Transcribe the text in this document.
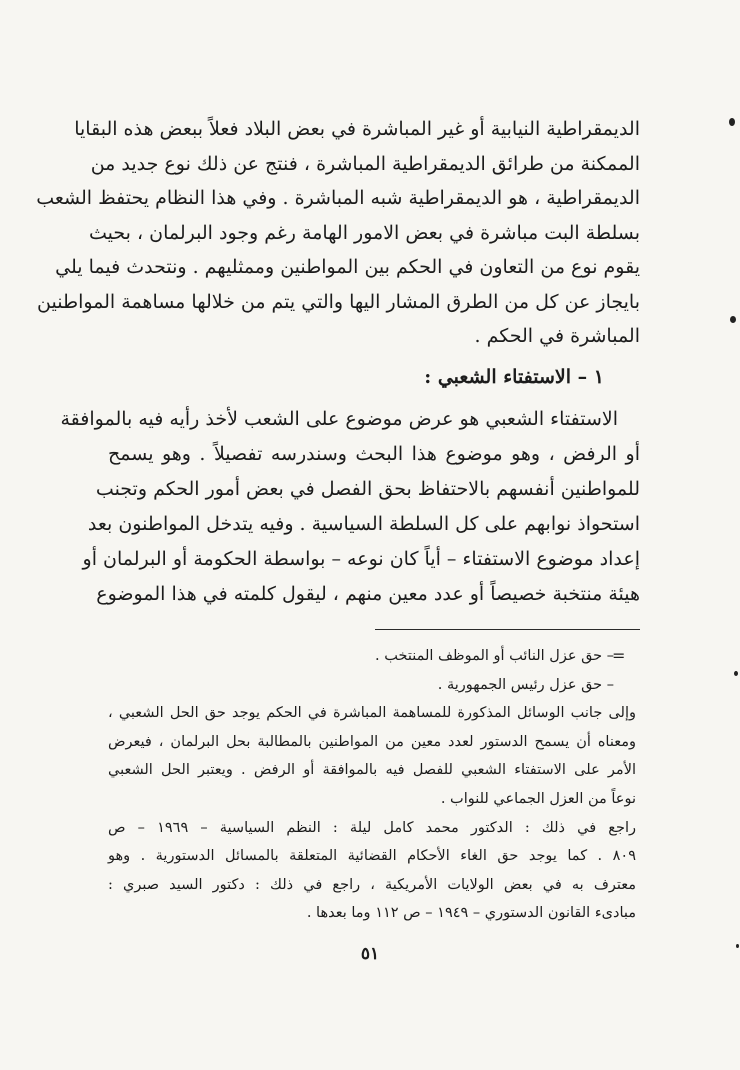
الديمقراطية النيابية أو غير المباشرة في بعض البلاد فعلاً ببعض هذه البقايا

الممكنة من طرائق الديمقراطية المباشرة ، فنتج عن ذلك نوع جديد من

الديمقراطية ، هو الديمقراطية شبه المباشرة . وفي هذا النظام يحتفظ الشعب

بسلطة البت مباشرة في بعض الامور الهامة رغم وجود البرلمان ، بحيث

يقوم نوع من التعاون في الحكم بين المواطنين وممثليهم . ونتحدث فيما يلي

بايجاز عن كل من الطرق المشار اليها والتي يتم من خلالها مساهمة المواطنين

المباشرة في الحكم .

١ – الاستفتاء الشعبي :

الاستفتاء الشعبي هو عرض موضوع على الشعب لأخذ رأيه فيه بالموافقة

أو الرفض ، وهو موضوع هذا البحث وسندرسه تفصيلاً . وهو يسمح

للمواطنين أنفسهم بالاحتفاظ بحق الفصل في بعض أمور الحكم وتجنب

استحواذ نوابهم على كل السلطة السياسية . وفيه يتدخل المواطنون بعد

إعداد موضوع الاستفتاء – أياً كان نوعه – بواسطة الحكومة أو البرلمان أو

هيئة منتخبة خصيصاً أو عدد معين منهم ، ليقول كلمته في هذا الموضوع

=

– حق عزل النائب أو الموظف المنتخب .

– حق عزل رئيس الجمهورية .

وإلى جانب الوسائل المذكورة للمساهمة المباشرة في الحكم يوجد حق الحل الشعبي ،

ومعناه أن يسمح الدستور لعدد معين من المواطنين بالمطالبة بحل البرلمان ، فيعرض

الأمر على الاستفتاء الشعبي للفصل فيه بالموافقة أو الرفض . ويعتبر الحل الشعبي

نوعاً من العزل الجماعي للنواب .

راجع في ذلك : الدكتور محمد كامل ليلة : النظم السياسية – ١٩٦٩ – ص

٨٠٩ . كما يوجد حق الغاء الأحكام القضائية المتعلقة بالمسائل الدستورية . وهو

معترف به في بعض الولايات الأمريكية ، راجع في ذلك : دكتور السيد صبري :

مبادىء القانون الدستوري – ١٩٤٩ – ص ١١٢ وما بعدها .

٥١
